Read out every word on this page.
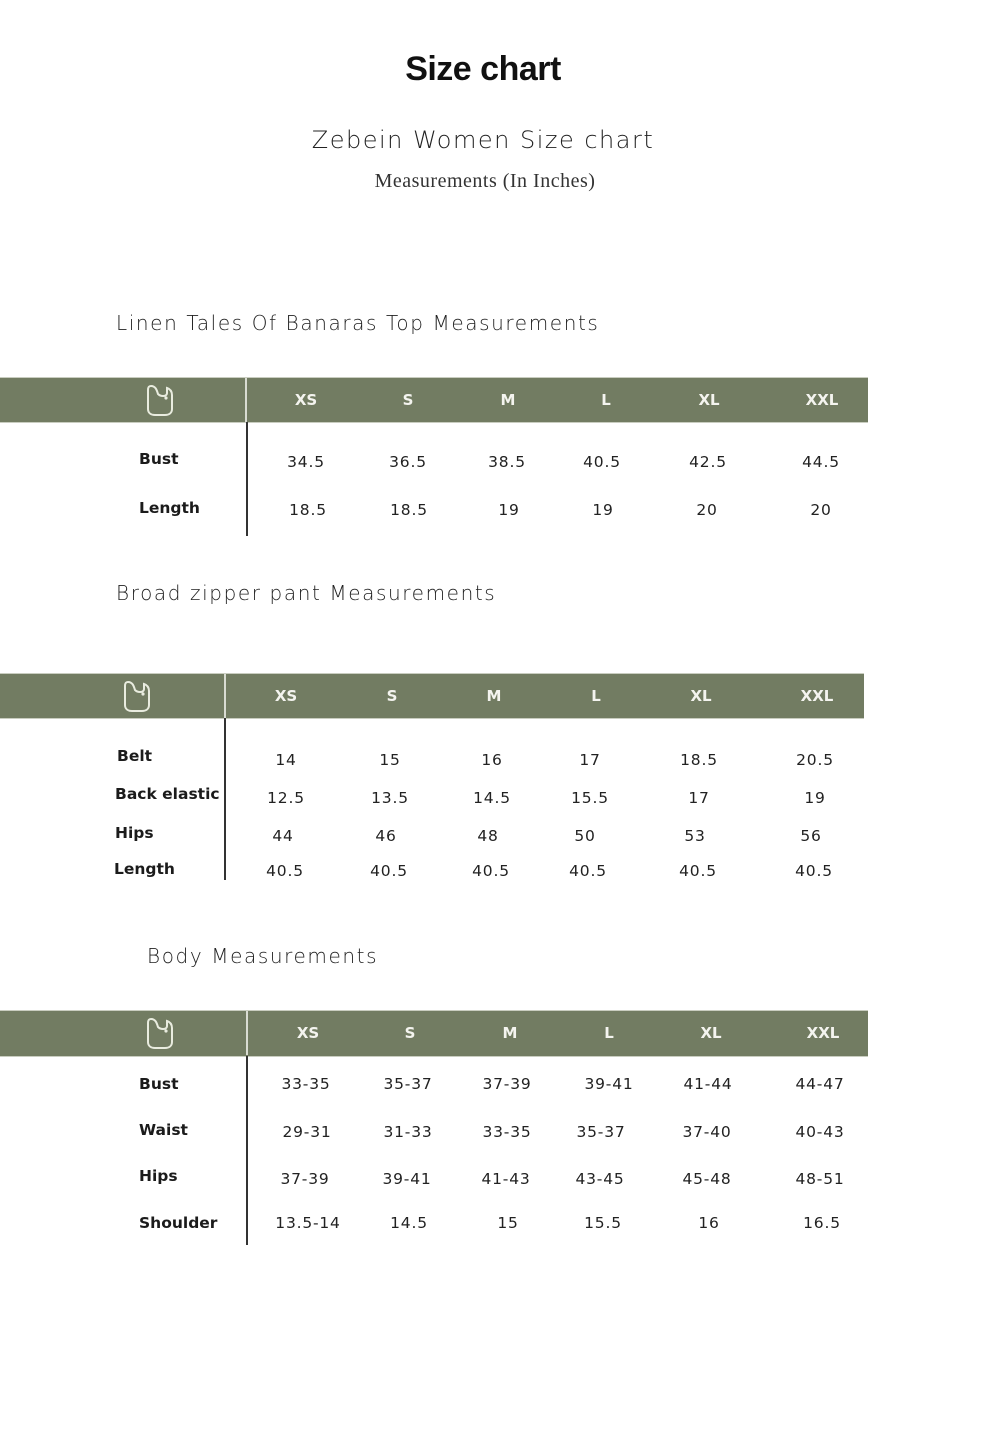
Size chart
Zebein Women Size chart
Measurements (In Inches)
Linen Tales Of Banaras Top Measurements
XS	S	M	L	XL	XXL
Bust	34.5	36.5	38.5	40.5	42.5	44.5
Length	18.5	18.5	19	19	20	20
Broad zipper pant Measurements
XS	S	M	L	XL	XXL
Belt	14	15	16	17	18.5	20.5
Back elastic	12.5	13.5	14.5	15.5	17	19
Hips	44	46	48	50	53	56
Length	40.5	40.5	40.5	40.5	40.5	40.5
Body Measurements
XS	S	M	L	XL	XXL
Bust	33-35	35-37	37-39	39-41	41-44	44-47
Waist	29-31	31-33	33-35	35-37	37-40	40-43
Hips	37-39	39-41	41-43	43-45	45-48	48-51
Shoulder	13.5-14	14.5	15	15.5	16	16.5
